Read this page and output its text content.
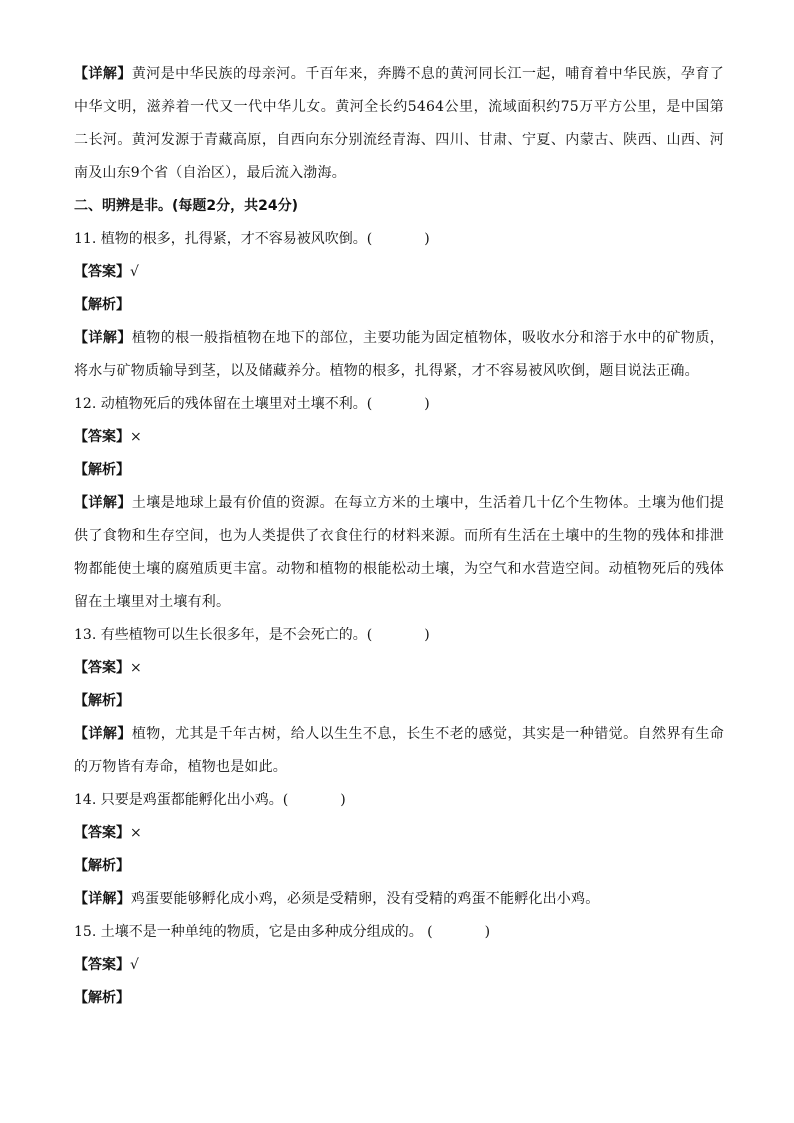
【详解】黄河是中华民族的母亲河。千百年来，奔腾不息的黄河同长江一起，哺育着中华民族，孕育了中华文明，滋养着一代又一代中华儿女。黄河全长约5464公里，流域面积约75万平方公里，是中国第二长河。黄河发源于青藏高原，自西向东分别流经青海、四川、甘肃、宁夏、内蒙古、陕西、山西、河南及山东9个省（自治区），最后流入渤海。

二、明辨是非。(每题2分，共24分)

11. 植物的根多，扎得紧，才不容易被风吹倒。(	)

【答案】√

【解析】

【详解】植物的根一般指植物在地下的部位，主要功能为固定植物体，吸收水分和溶于水中的矿物质，将水与矿物质输导到茎，以及储藏养分。植物的根多，扎得紧，才不容易被风吹倒，题目说法正确。

12. 动植物死后的残体留在土壤里对土壤不利。(	)

【答案】×

【解析】

【详解】土壤是地球上最有价值的资源。在每立方米的土壤中，生活着几十亿个生物体。土壤为他们提供了食物和生存空间，也为人类提供了衣食住行的材料来源。而所有生活在土壤中的生物的残体和排泄物都能使土壤的腐殖质更丰富。动物和植物的根能松动土壤，为空气和水营造空间。动植物死后的残体留在土壤里对土壤有利。

13. 有些植物可以生长很多年，是不会死亡的。(	)

【答案】×

【解析】

【详解】植物，尤其是千年古树，给人以生生不息，长生不老的感觉，其实是一种错觉。自然界有生命的万物皆有寿命，植物也是如此。

14. 只要是鸡蛋都能孵化出小鸡。(	)

【答案】×

【解析】

【详解】鸡蛋要能够孵化成小鸡，必须是受精卵，没有受精的鸡蛋不能孵化出小鸡。

15. 土壤不是一种单纯的物质，它是由多种成分组成的。 (	)

【答案】√

【解析】
